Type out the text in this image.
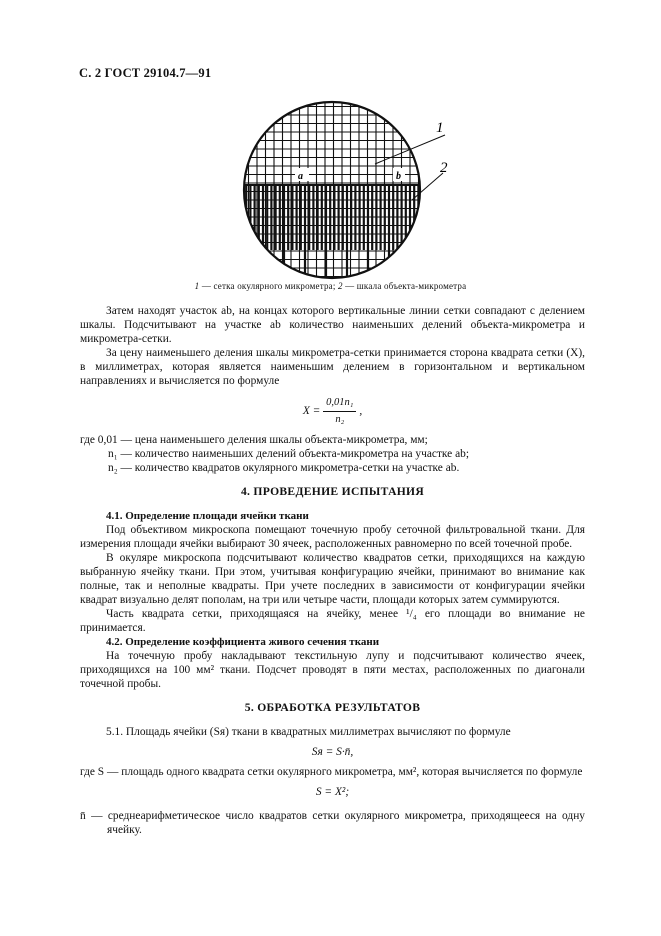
С. 2 ГОСТ 29104.7—91
1
2
a	b
1 — сетка окулярного микрометра; 2 — шкала объекта-микрометра

Затем находят участок ab, на концах которого вертикальные линии сетки совпадают с делением шкалы. Подсчитывают на участке ab количество наименьших делений объекта-микрометра и микрометра-сетки.

За цену наименьшего деления шкалы микрометра-сетки принимается сторона квадрата сетки (X), в миллиметрах, которая является наименьшим делением в горизонтальном и вертикальном направлениях и вычисляется по формуле

$X = \frac{\text{0,01n₁}}{\text{n₂}}$ ,

где 0,01 — цена наименьшего деления шкалы объекта-микрометра, мм;

n₁ — количество наименьших делений объекта-микрометра на участке ab;

n₂ — количество квадратов окулярного микрометра-сетки на участке ab.

4. ПРОВЕДЕНИЕ ИСПЫТАНИЯ

4.1. Определение площади ячейки ткани

Под объективом микроскопа помещают точечную пробу сеточной фильтровальной ткани. Для измерения площади ячейки выбирают 30 ячеек, расположенных равномерно по всей точечной пробе.

В окуляре микроскопа подсчитывают количество квадратов сетки, приходящихся на каждую выбранную ячейку ткани. При этом, учитывая конфигурацию ячейки, принимают во внимание как полные, так и неполные квадраты. При учете последних в зависимости от конфигурации ячейки квадрат визуально делят пополам, на три или четыре части, площади которых затем суммируются.

Часть квадрата сетки, приходящаяся на ячейку, менее ¹/₄ его площади во внимание не принимается.

4.2. Определение коэффициента живого сечения ткани

На точечную пробу накладывают текстильную лупу и подсчитывают количество ячеек, приходящихся на 100 мм² ткани. Подсчет проводят в пяти местах, расположенных по диагонали точечной пробы.

5. ОБРАБОТКА РЕЗУЛЬТАТОВ

5.1. Площадь ячейки (Sя) ткани в квадратных миллиметрах вычисляют по формуле

Sя = S·n̄,

где S — площадь одного квадрата сетки окулярного микрометра, мм², которая вычисляется по формуле

S = X²;

n̄ — среднеарифметическое число квадратов сетки окулярного микрометра, приходящееся на одну ячейку.
